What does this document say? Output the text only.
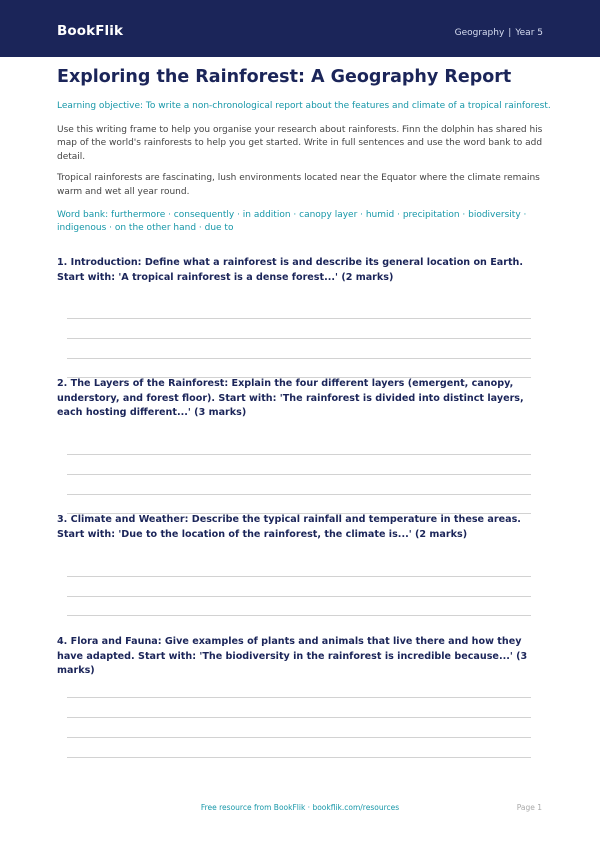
BookFlik	Geography | Year 5
Exploring the Rainforest: A Geography Report

Learning objective: To write a non-chronological report about the features and climate of a tropical rainforest.

Use this writing frame to help you organise your research about rainforests. Finn the dolphin has shared his map of the world's rainforests to help you get started. Write in full sentences and use the word bank to add detail.

Tropical rainforests are fascinating, lush environments located near the Equator where the climate remains warm and wet all year round.

Word bank: furthermore · consequently · in addition · canopy layer · humid · precipitation · biodiversity · indigenous · on the other hand · due to

1. Introduction: Define what a rainforest is and describe its general location on Earth. Start with: 'A tropical rainforest is a dense forest...' (2 marks)

2. The Layers of the Rainforest: Explain the four different layers (emergent, canopy, understory, and forest floor). Start with: 'The rainforest is divided into distinct layers, each hosting different...' (3 marks)

3. Climate and Weather: Describe the typical rainfall and temperature in these areas. Start with: 'Due to the location of the rainforest, the climate is...' (2 marks)

4. Flora and Fauna: Give examples of plants and animals that live there and how they have adapted. Start with: 'The biodiversity in the rainforest is incredible because...' (3 marks)

Free resource from BookFlik · bookflik.com/resources	Page 1
